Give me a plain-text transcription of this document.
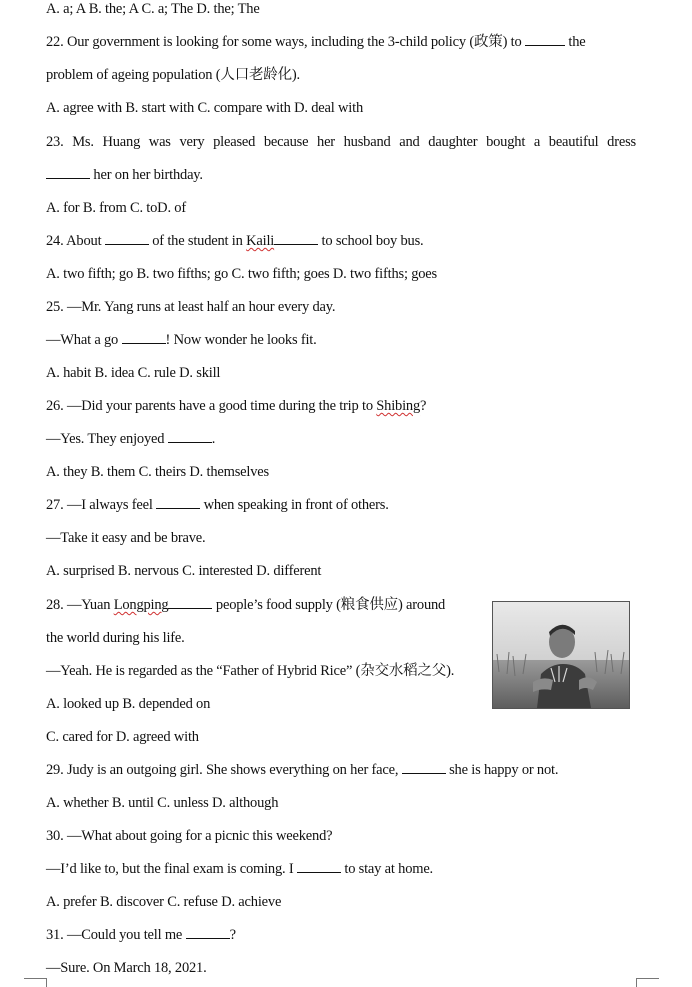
A. a; A B. the; A C. a; The D. the; The
22. Our government is looking for some ways, including the 3-child policy (政策) to	the
problem of ageing population (人口老龄化).
A. agree with B. start with C. compare with D. deal with
23. Ms. Huang was very pleased because her husband and daughter bought a beautiful dress
her on her birthday.
A. for B. from C. toD. of
24. About	of the student in Kaili	to school boy bus.
A. two fifth; go B. two fifths; go C. two fifth; goes D. two fifths; goes
25. —Mr. Yang runs at least half an hour every day.
—What a go	! Now wonder he looks fit.
A. habit B. idea C. rule D. skill
26. —Did your parents have a good time during the trip to Shibing?
—Yes. They enjoyed	.
A. they B. them C. theirs D. themselves
27. —I always feel	when speaking in front of others.
—Take it easy and be brave.
A. surprised B. nervous C. interested D. different
28. —Yuan Longping	people’s food supply (粮食供应) around
the world during his life.
—Yeah. He is regarded as the “Father of Hybrid Rice” (杂交水稻之父).
A. looked up B. depended on
C. cared for D. agreed with
29. Judy is an outgoing girl. She shows everything on her face,	she is happy or not.
A. whether B. until C. unless D. although
30. —What about going for a picnic this weekend?
—I’d like to, but the final exam is coming. I	to stay at home.
A. prefer B. discover C. refuse D. achieve
31. —Could you tell me	?
—Sure. On March 18, 2021.
